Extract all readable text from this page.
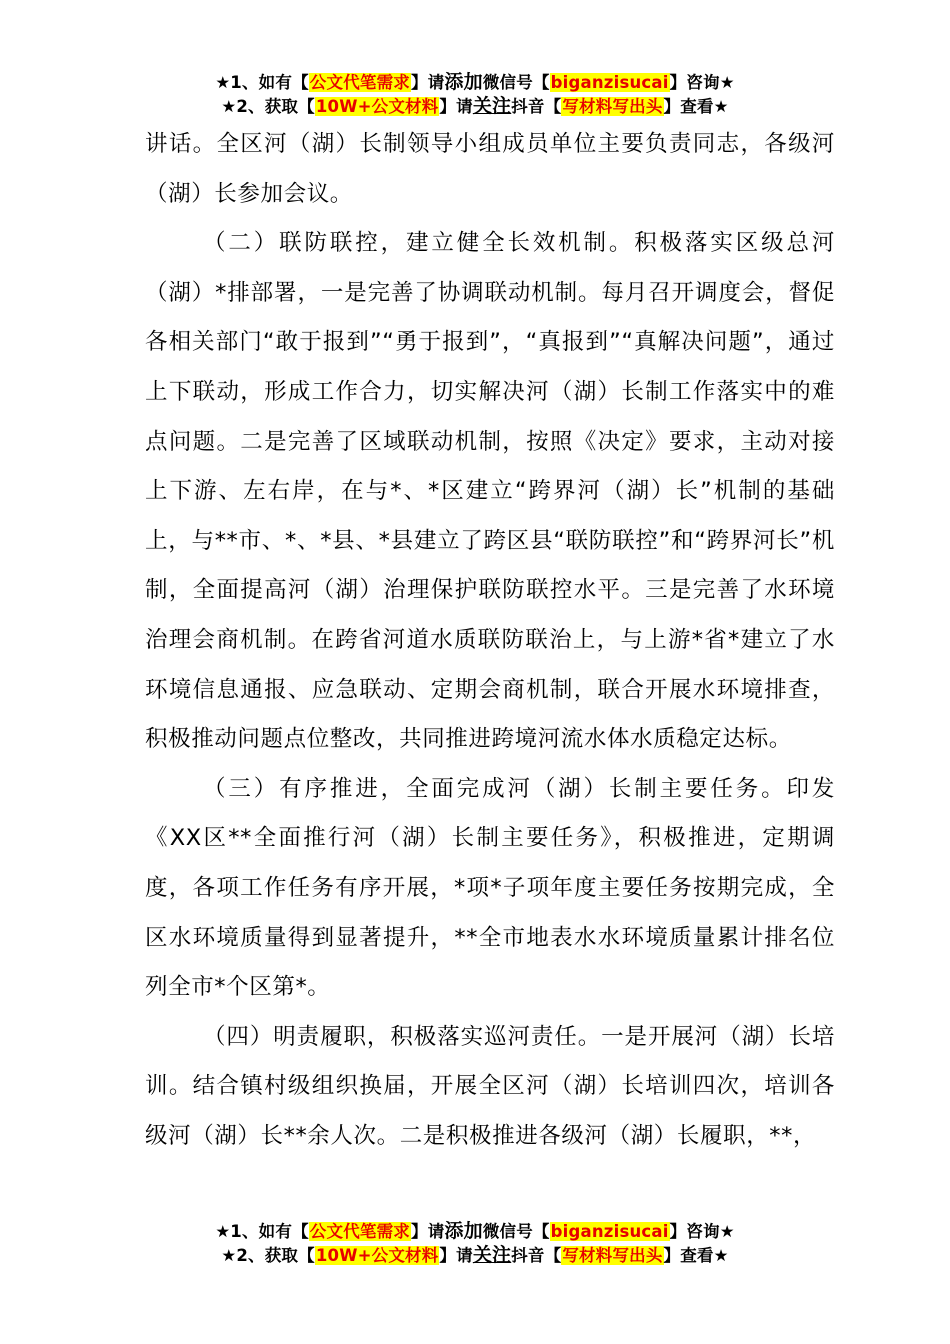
★1、如有【公文代笔需求】请添加微信号【biganzisucai】咨询★
★2、获取【10W+公文材料】请关注抖音【写材料写出头】查看★

讲话。全区河（湖）长制领导小组成员单位主要负责同志，各级河（湖）长参加会议。

（二）联防联控，建立健全长效机制。积极落实区级总河（湖）*排部署，一是完善了协调联动机制。每月召开调度会，督促各相关部门“敢于报到”“勇于报到”，“真报到”“真解决问题”，通过上下联动，形成工作合力，切实解决河（湖）长制工作落实中的难点问题。二是完善了区域联动机制，按照《决定》要求，主动对接上下游、左右岸，在与*、*区建立“跨界河（湖）长”机制的基础上，与**市、*、*县、*县建立了跨区县“联防联控”和“跨界河长”机制，全面提高河（湖）治理保护联防联控水平。三是完善了水环境治理会商机制。在跨省河道水质联防联治上，与上游*省*建立了水环境信息通报、应急联动、定期会商机制，联合开展水环境排查，积极推动问题点位整改，共同推进跨境河流水体水质稳定达标。

（三）有序推进，全面完成河（湖）长制主要任务。印发《XX区**全面推行河（湖）长制主要任务》，积极推进，定期调度，各项工作任务有序开展，*项*子项年度主要任务按期完成，全区水环境质量得到显著提升，**全市地表水水环境质量累计排名位列全市*个区第*。

（四）明责履职，积极落实巡河责任。一是开展河（湖）长培训。结合镇村级组织换届，开展全区河（湖）长培训四次，培训各级河（湖）长**余人次。二是积极推进各级河（湖）长履职，**，

★1、如有【公文代笔需求】请添加微信号【biganzisucai】咨询★
★2、获取【10W+公文材料】请关注抖音【写材料写出头】查看★
